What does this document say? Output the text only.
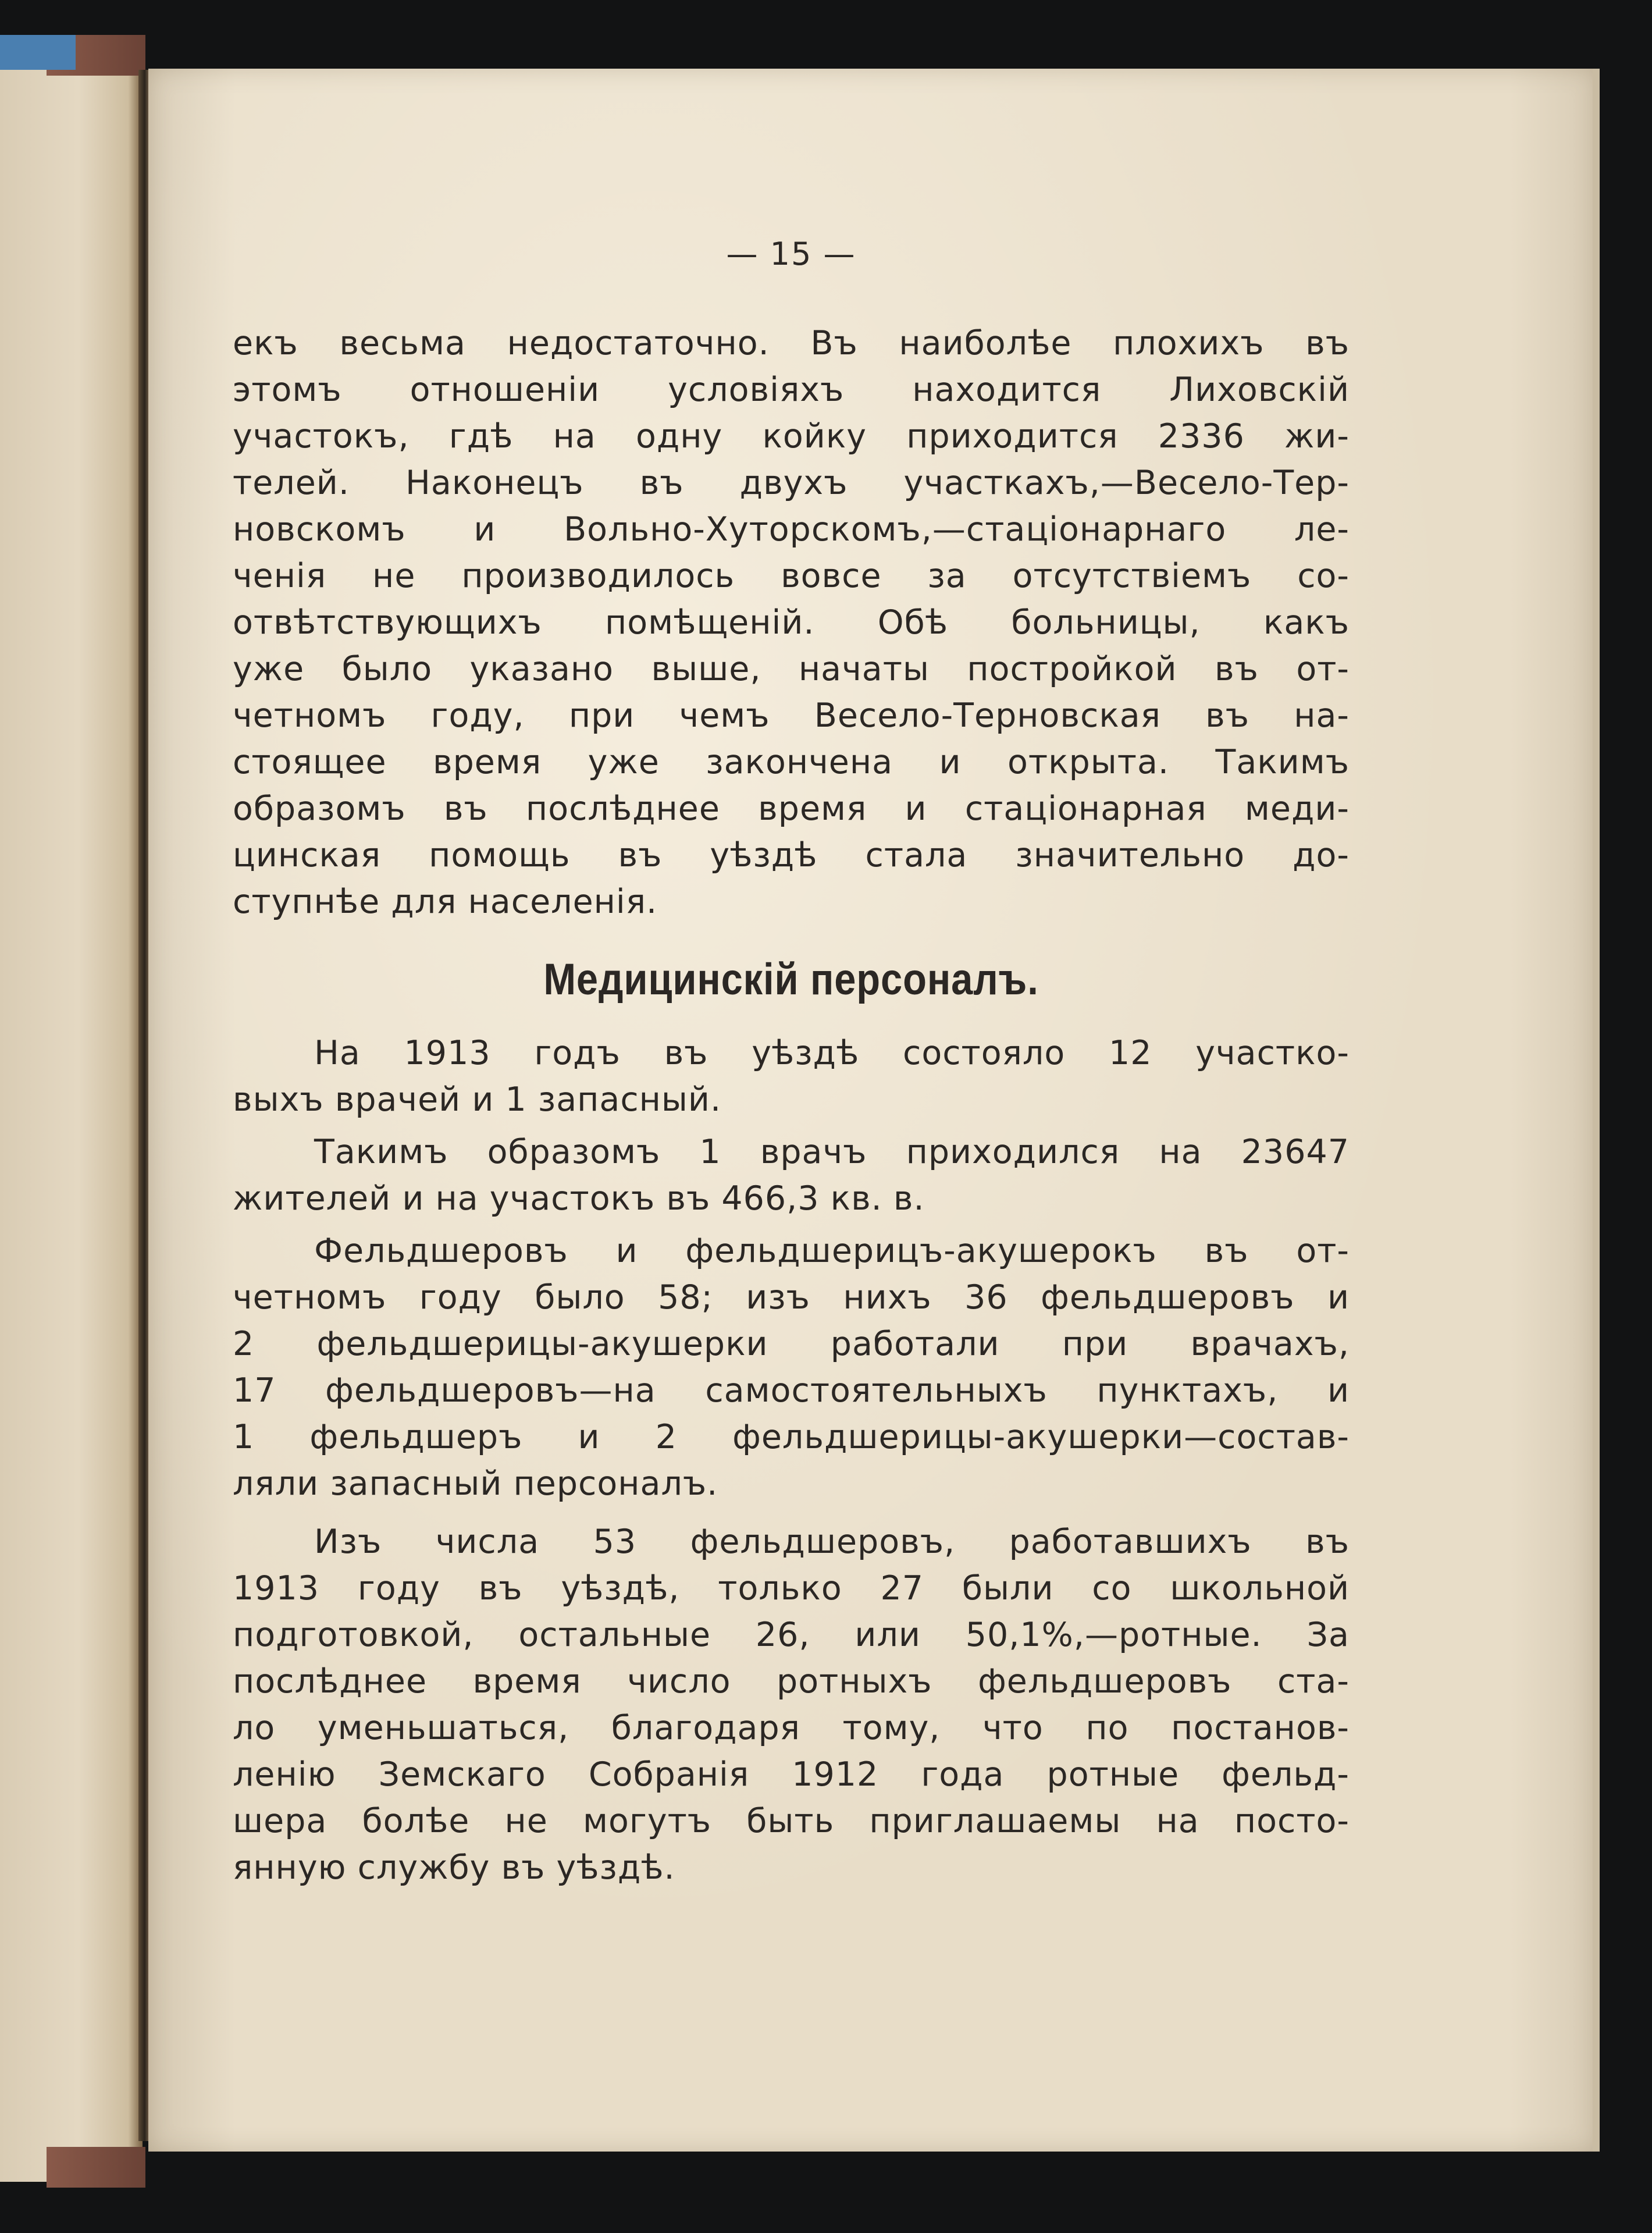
— 15 —
екъ весьма недостаточно. Въ наиболѣе плохихъ въ
этомъ отношеніи условіяхъ находится Лиховскій
участокъ, гдѣ на одну койку приходится 2336 жи-
телей. Наконецъ въ двухъ участкахъ,—Весело-Тер-
новскомъ и Вольно-Хуторскомъ,—стаціонарнаго ле-
ченія не производилось вовсе за отсутствіемъ со-
отвѣтствующихъ помѣщеній. Обѣ больницы, какъ
уже было указано выше, начаты постройкой въ от-
четномъ году, при чемъ Весело-Терновская въ на-
стоящее время уже закончена и открыта. Такимъ
образомъ въ послѣднее время и стаціонарная меди-
цинская помощь въ уѣздѣ стала значительно до-
ступнѣе для населенія.
Медицинскій персоналъ.
На 1913 годъ въ уѣздѣ состояло 12 участко-
выхъ врачей и 1 запасный.
Такимъ образомъ 1 врачъ приходился на 23647
жителей и на участокъ въ 466,3 кв. в.
Фельдшеровъ и фельдшерицъ-акушерокъ въ от-
четномъ году было 58; изъ нихъ 36 фельдшеровъ и
2 фельдшерицы-акушерки работали при врачахъ,
17 фельдшеровъ—на самостоятельныхъ пунктахъ, и
1 фельдшеръ и 2 фельдшерицы-акушерки—состав-
ляли запасный персоналъ.
Изъ числа 53 фельдшеровъ, работавшихъ въ
1913 году въ уѣздѣ, только 27 были со школьной
подготовкой, остальные 26, или 50,1%,—ротные. За
послѣднее время число ротныхъ фельдшеровъ ста-
ло уменьшаться, благодаря тому, что по постанов-
ленію Земскаго Собранія 1912 года ротные фельд-
шера болѣе не могутъ быть приглашаемы на посто-
янную службу въ уѣздѣ.
